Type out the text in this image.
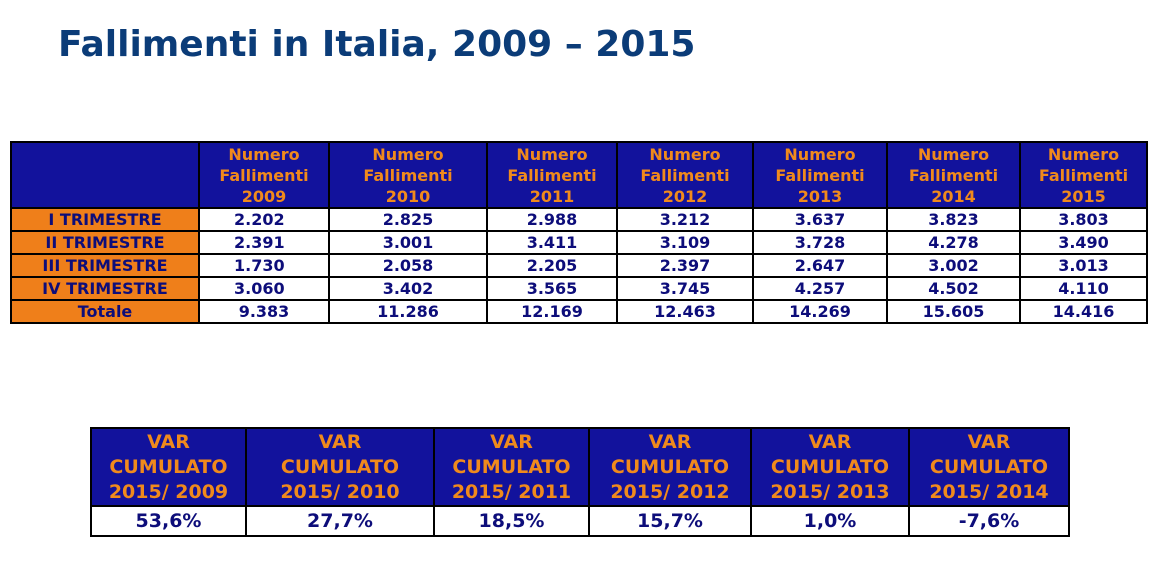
Fallimenti in Italia, 2009 – 2015

	Numero
Fallimenti
2009	Numero
Fallimenti
2010	Numero
Fallimenti
2011	Numero
Fallimenti
2012	Numero
Fallimenti
2013	Numero
Fallimenti
2014	Numero
Fallimenti
2015

I TRIMESTRE	2.202	2.825	2.988	3.212	3.637	3.823	3.803
II TRIMESTRE	2.391	3.001	3.411	3.109	3.728	4.278	3.490
III TRIMESTRE	1.730	2.058	2.205	2.397	2.647	3.002	3.013
IV TRIMESTRE	3.060	3.402	3.565	3.745	4.257	4.502	4.110
Totale	9.383	11.286	12.169	12.463	14.269	15.605	14.416
VAR
CUMULATO
2015/ 2009	VAR
CUMULATO
2015/ 2010	VAR
CUMULATO
2015/ 2011	VAR
CUMULATO
2015/ 2012	VAR
CUMULATO
2015/ 2013	VAR
CUMULATO
2015/ 2014

53,6%	27,7%	18,5%	15,7%	1,0%	-7,6%
